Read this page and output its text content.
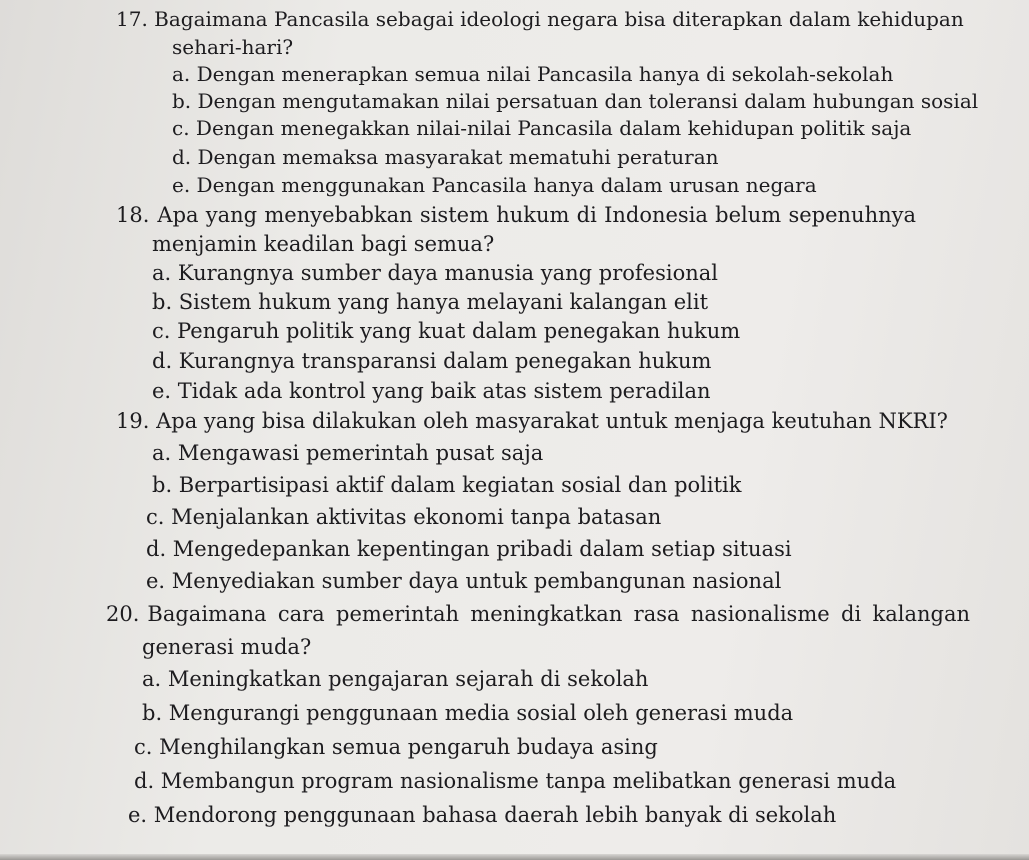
17. Bagaimana Pancasila sebagai ideologi negara bisa diterapkan dalam kehidupan
sehari-hari?
a. Dengan menerapkan semua nilai Pancasila hanya di sekolah-sekolah
b. Dengan mengutamakan nilai persatuan dan toleransi dalam hubungan sosial
c. Dengan menegakkan nilai-nilai Pancasila dalam kehidupan politik saja
d. Dengan memaksa masyarakat mematuhi peraturan
e. Dengan menggunakan Pancasila hanya dalam urusan negara
18. Apa yang menyebabkan sistem hukum di Indonesia belum sepenuhnya
menjamin keadilan bagi semua?
a. Kurangnya sumber daya manusia yang profesional
b. Sistem hukum yang hanya melayani kalangan elit
c. Pengaruh politik yang kuat dalam penegakan hukum
d. Kurangnya transparansi dalam penegakan hukum
e. Tidak ada kontrol yang baik atas sistem peradilan
19. Apa yang bisa dilakukan oleh masyarakat untuk menjaga keutuhan NKRI?
a. Mengawasi pemerintah pusat saja
b. Berpartisipasi aktif dalam kegiatan sosial dan politik
c. Menjalankan aktivitas ekonomi tanpa batasan
d. Mengedepankan kepentingan pribadi dalam setiap situasi
e. Menyediakan sumber daya untuk pembangunan nasional
20. Bagaimana cara pemerintah meningkatkan rasa nasionalisme di kalangan
generasi muda?
a. Meningkatkan pengajaran sejarah di sekolah
b. Mengurangi penggunaan media sosial oleh generasi muda
c. Menghilangkan semua pengaruh budaya asing
d. Membangun program nasionalisme tanpa melibatkan generasi muda
e. Mendorong penggunaan bahasa daerah lebih banyak di sekolah
